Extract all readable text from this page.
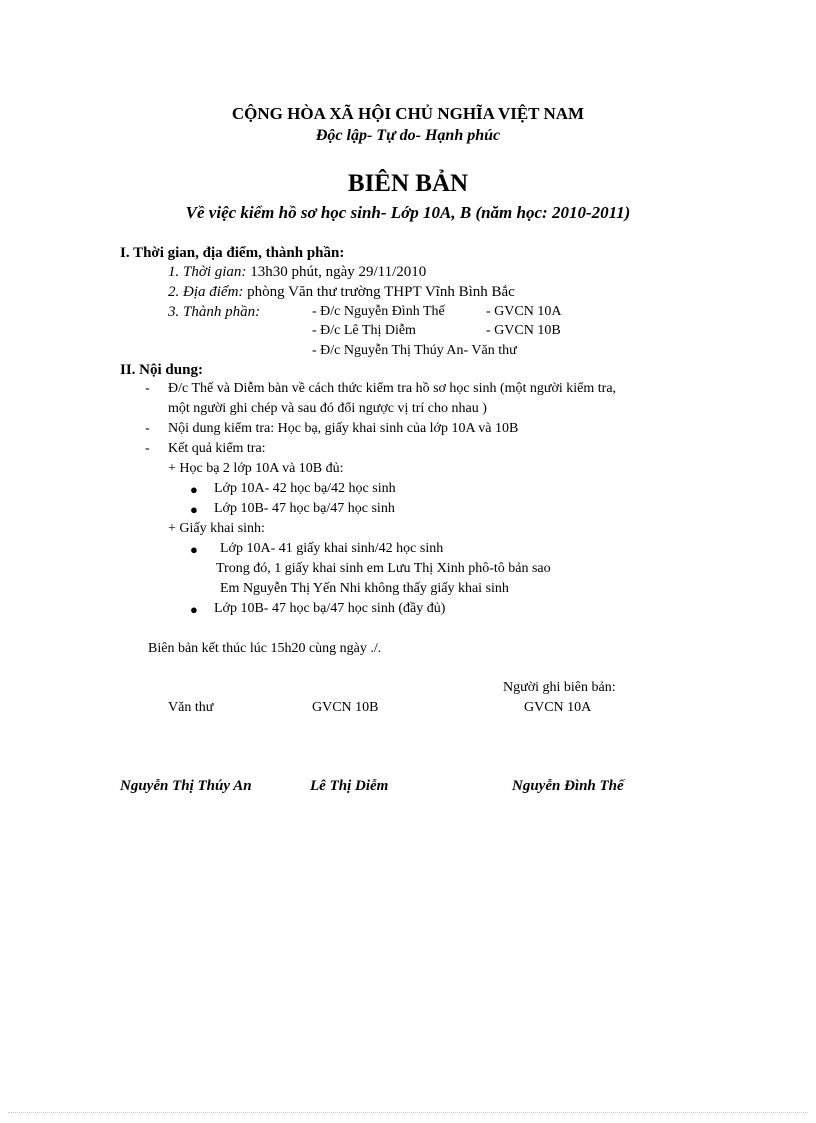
CỘNG HÒA XÃ HỘI CHỦ NGHĨA VIỆT NAM
Độc lập- Tự do- Hạnh phúc
BIÊN BẢN
Về việc kiểm hồ sơ học sinh- Lớp 10A, B (năm học: 2010-2011)
I. Thời gian, địa điểm, thành phần:
1. Thời gian: 13h30 phút, ngày 29/11/2010
2. Địa điểm: phòng Văn thư trường THPT Vĩnh Bình Bắc
3. Thành phần:	- Đ/c Nguyễn Đình Thế	- GVCN 10A
- Đ/c Lê Thị Diễm	- GVCN 10B
- Đ/c Nguyễn Thị Thúy An- Văn thư
II. Nội dung:
- Đ/c Thế và Diễm bàn về cách thức kiểm tra hồ sơ học sinh (một người kiểm tra,
một người ghi chép và sau đó đổi ngược vị trí cho nhau )
- Nội dung kiểm tra: Học bạ, giấy khai sinh của lớp 10A và 10B
- Kết quả kiểm tra:
+ Học bạ 2 lớp 10A và 10B đủ:
● Lớp 10A- 42 học bạ/42 học sinh
● Lớp 10B- 47 học bạ/47 học sinh
+ Giấy khai sinh:
● Lớp 10A- 41 giấy khai sinh/42 học sinh
Trong đó, 1 giấy khai sinh em Lưu Thị Xinh phô-tô bản sao
Em Nguyễn Thị Yến Nhi không thấy giấy khai sinh
● Lớp 10B- 47 học bạ/47 học sinh (đầy đủ)
Biên bản kết thúc lúc 15h20 cùng ngày ./.
Người ghi biên bản:
Văn thư	GVCN 10B	GVCN 10A
Nguyễn Thị Thúy An	Lê Thị Diễm	Nguyễn Đình Thế
